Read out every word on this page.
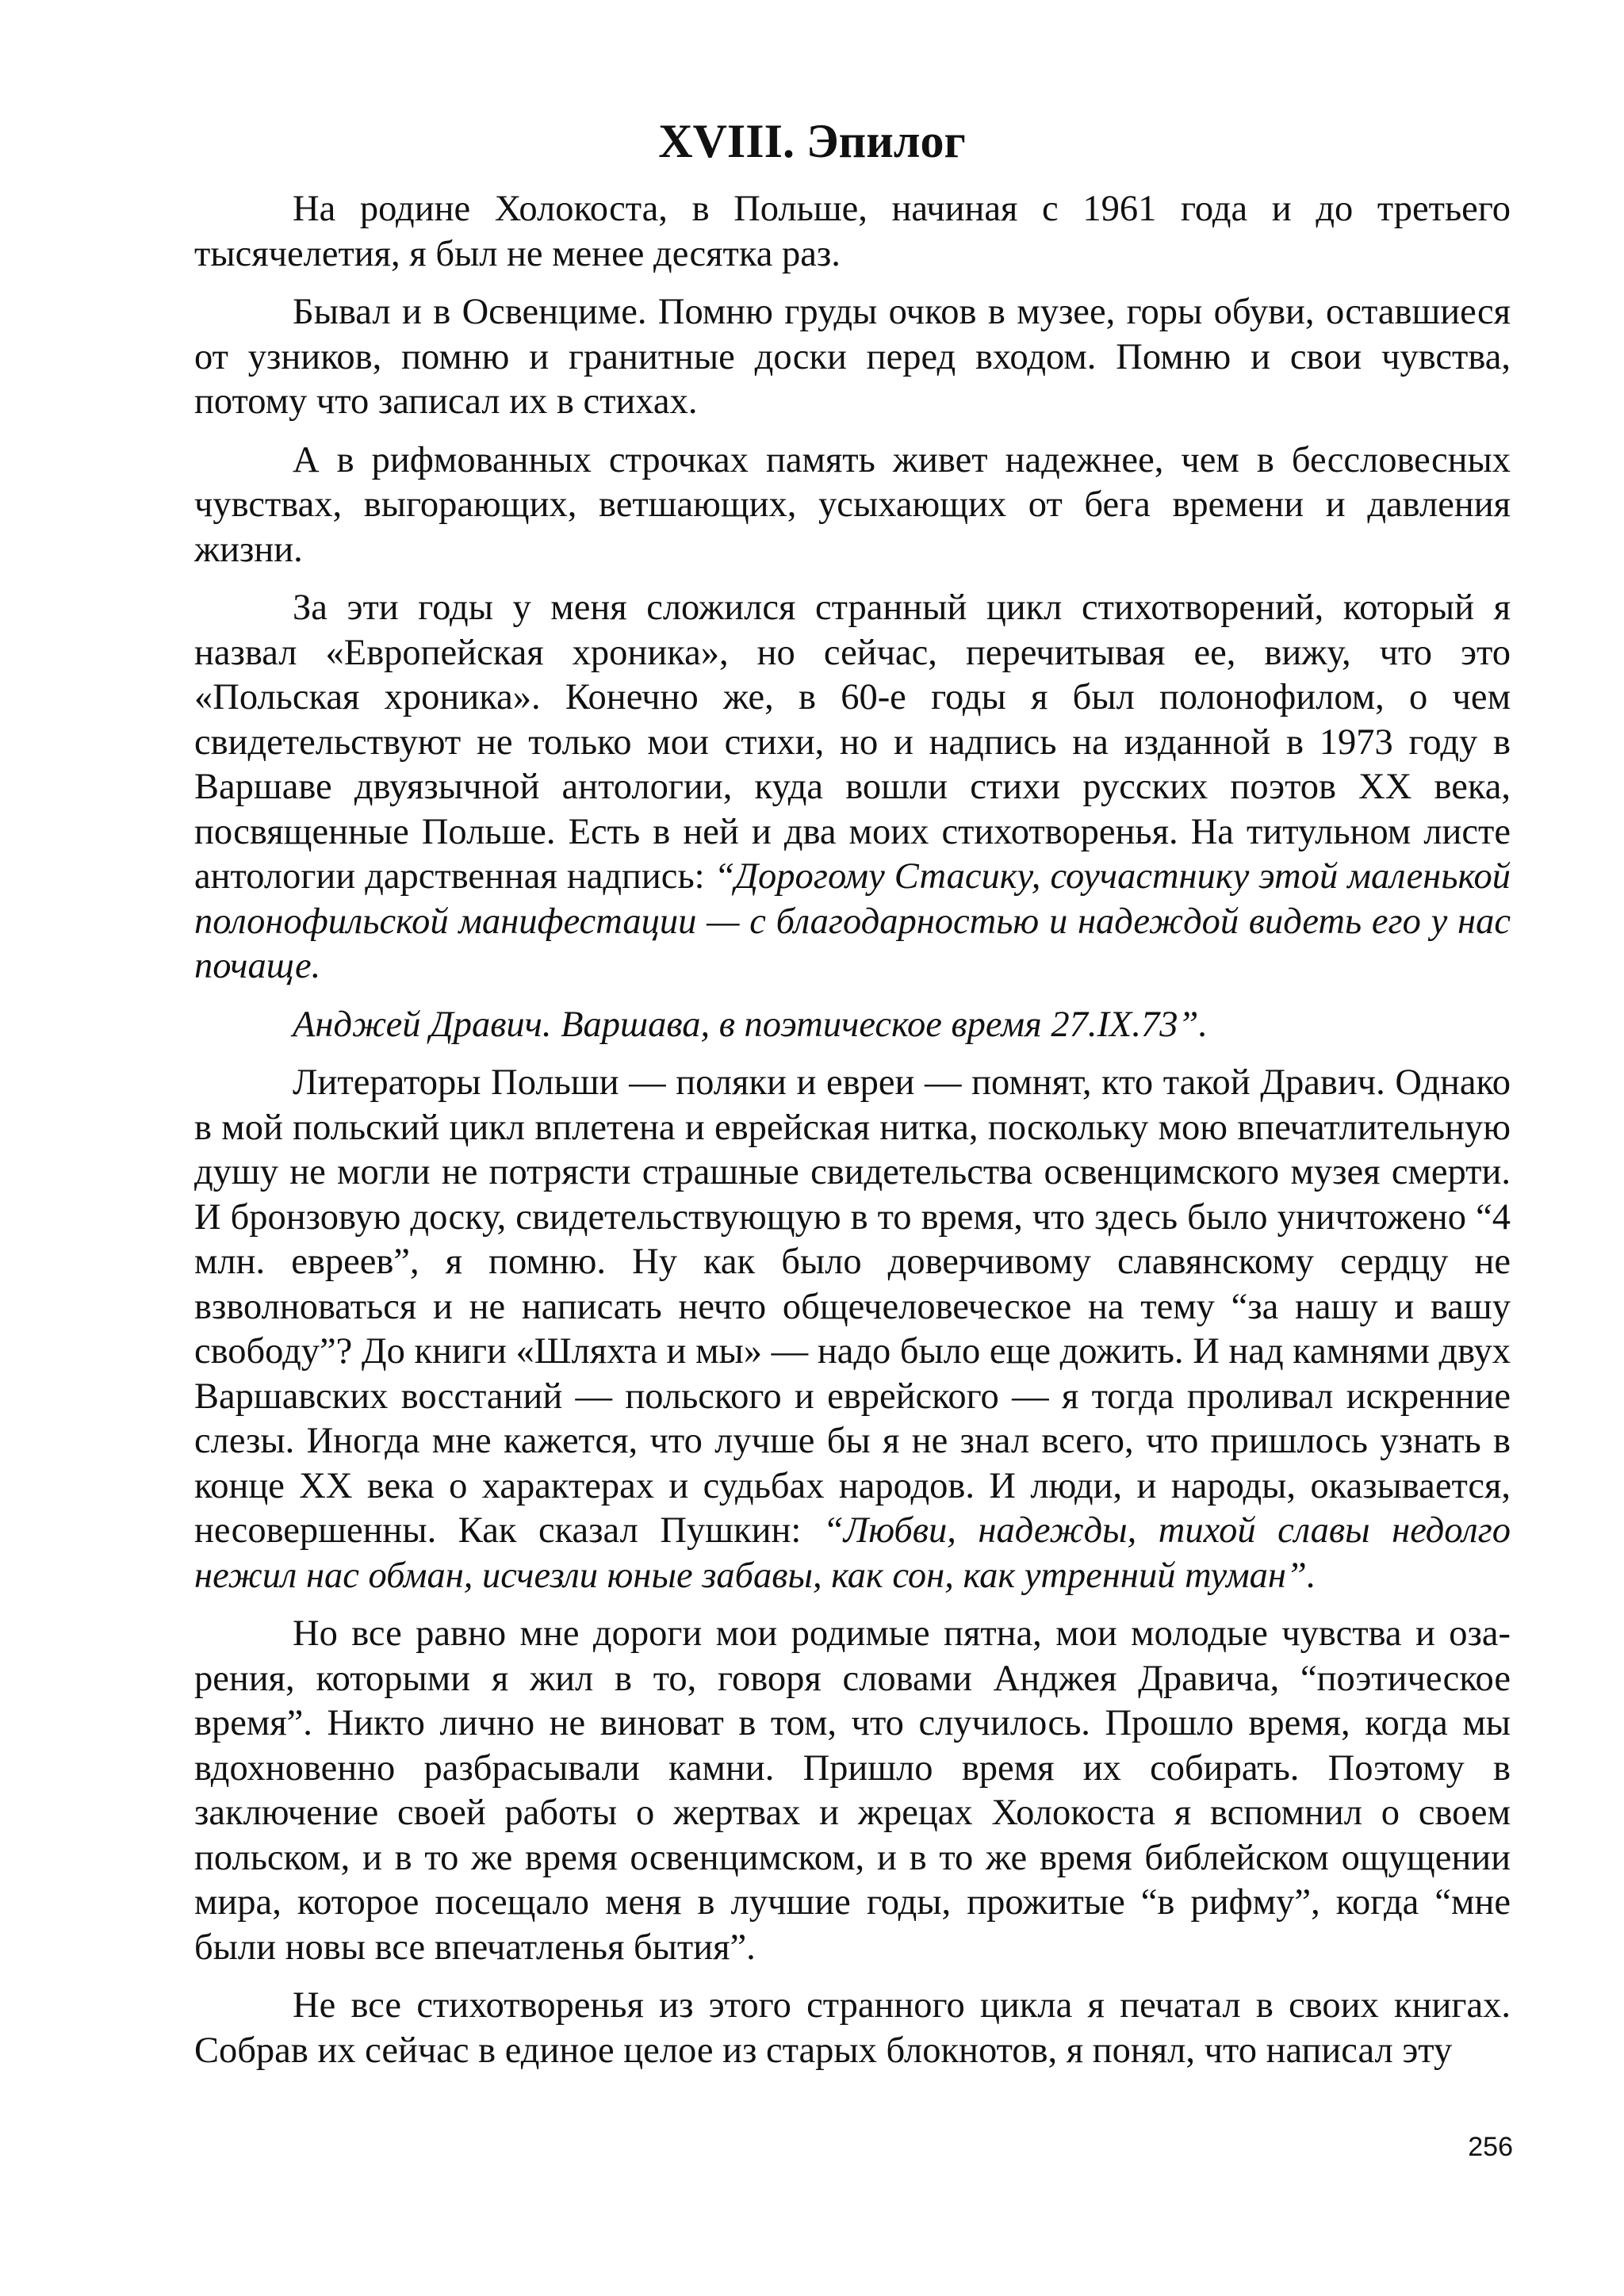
XVIII. Эпилог

На родине Холокоста, в Польше, начиная с 1961 года и до третьего тысячелетия, я был не менее десятка раз.

Бывал и в Освенциме. Помню груды очков в музее, горы обуви, оставшиеся от узников, помню и гранитные доски перед входом. Помню и свои чувства, потому что записал их в стихах.

А в рифмованных строчках память живет надежнее, чем в бессловесных чувствах, выгорающих, ветшающих, усыхающих от бега времени и давления жизни.

За эти годы у меня сложился странный цикл стихотворений, который я назвал «Европейская хроника», но сейчас, перечитывая ее, вижу, что это «Польская хроника». Конечно же, в 60-е годы я был полонофилом, о чем свидетельствуют не только мои стихи, но и надпись на изданной в 1973 году в Варшаве двуязычной антологии, куда вошли стихи русских поэтов XX века, посвященные Польше. Есть в ней и два моих стихотворенья. На титульном листе антологии дарственная надпись: “Дорогому Стасику, соучастнику этой маленькой полонофильской манифестации — с благодарностью и надеждой видеть его у нас почаще.

Анджей Дравич. Варшава, в поэтическое время 27.IX.73”.

Литераторы Польши — поляки и евреи — помнят, кто такой Дравич. Однако в мой польский цикл вплетена и еврейская нитка, поскольку мою впечатлительную душу не могли не потрясти страшные свидетельства освенцимского музея смерти. И бронзовую доску, свидетельствующую в то время, что здесь было уничтожено “4 млн. евреев”, я помню. Ну как было доверчивому славянскому сердцу не взволноваться и не написать нечто общечеловеческое на тему “за нашу и вашу свободу”? До книги «Шляхта и мы» — надо было еще дожить. И над камнями двух Варшавских восстаний — польского и еврейского — я тогда проливал искренние слезы. Иногда мне кажется, что лучше бы я не знал всего, что пришлось узнать в конце XX века о характерах и судьбах народов. И люди, и народы, оказывается, несовершенны. Как сказал Пушкин: “Любви, надежды, тихой славы недолго нежил нас обман, исчезли юные забавы, как сон, как утренний туман”.

Но все равно мне дороги мои родимые пятна, мои молодые чувства и оза-рения, которыми я жил в то, говоря словами Анджея Дравича, “поэтическое время”. Никто лично не виноват в том, что случилось. Прошло время, когда мы вдохновенно разбрасывали камни. Пришло время их собирать. Поэтому в заключение своей работы о жертвах и жрецах Холокоста я вспомнил о своем польском, и в то же время освенцимском, и в то же время библейском ощущении мира, которое посещало меня в лучшие годы, прожитые “в рифму”, когда “мне были новы все впечатленья бытия”.

Не все стихотворенья из этого странного цикла я печатал в своих книгах. Собрав их сейчас в единое целое из старых блокнотов, я понял, что написал эту

256
